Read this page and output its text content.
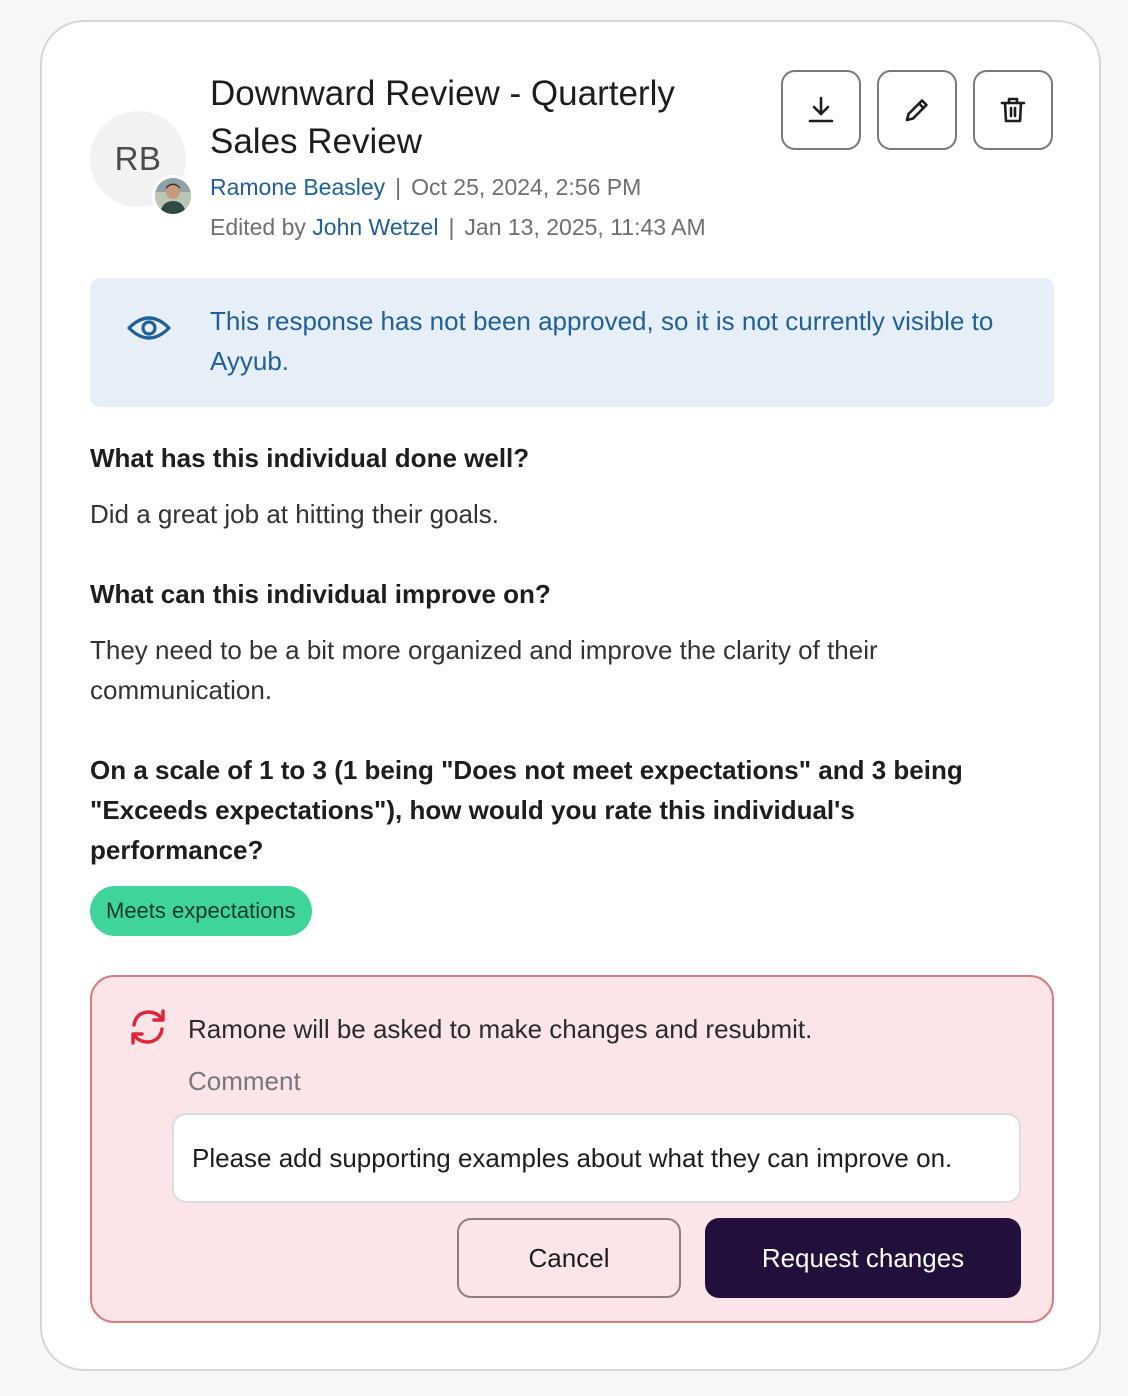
RB
Downward Review - Quarterly Sales Review
Ramone Beasley | Oct 25, 2024, 2:56 PM
Edited by John Wetzel | Jan 13, 2025, 11:43 AM
This response has not been approved, so it is not currently visible to Ayyub.
What has this individual done well?
Did a great job at hitting their goals.
What can this individual improve on?
They need to be a bit more organized and improve the clarity of their communication.
On a scale of 1 to 3 (1 being "Does not meet expectations" and 3 being "Exceeds expectations"), how would you rate this individual's performance?
Meets expectations
Ramone will be asked to make changes and resubmit.
Comment
Please add supporting examples about what they can improve on.
Cancel	Request changes
